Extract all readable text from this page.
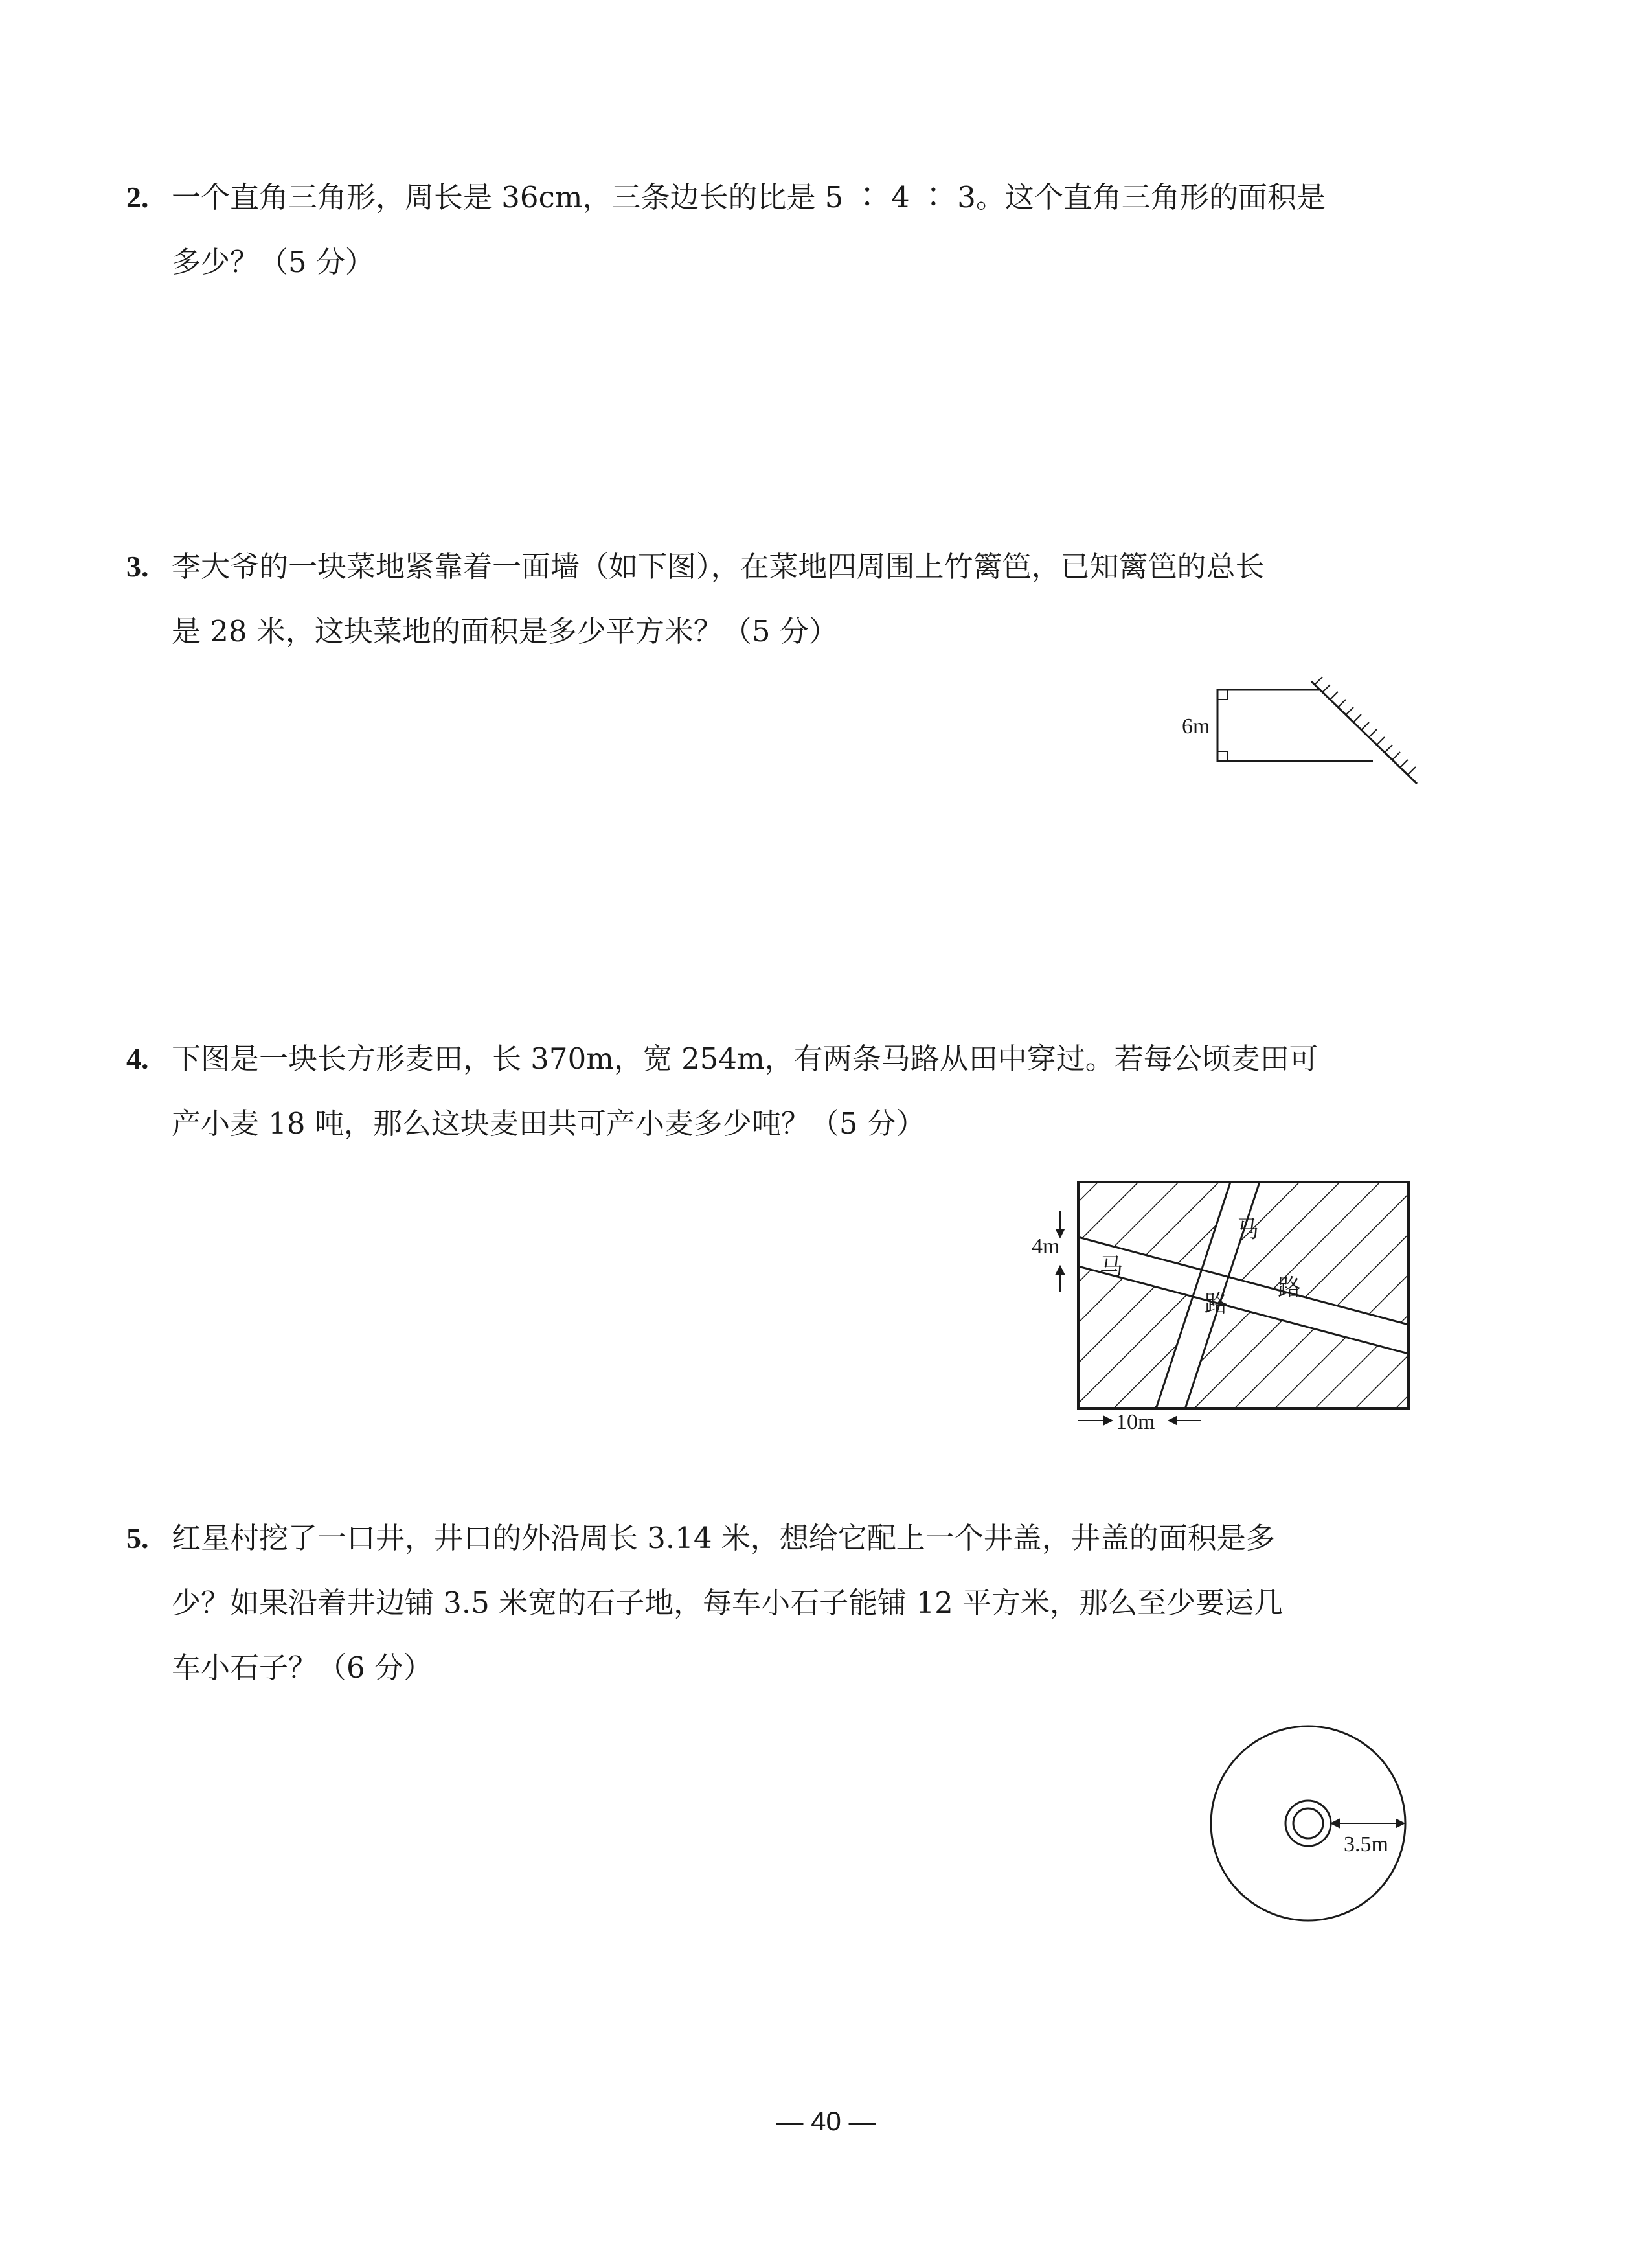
2. 一个直角三角形，周长是 36cm，三条边长的比是 5 ∶ 4 ∶ 3。这个直角三角形的面积是
多少？（5 分）
3. 李大爷的一块菜地紧靠着一面墙（如下图），在菜地四周围上竹篱笆，已知篱笆的总长
是 28 米，这块菜地的面积是多少平方米？（5 分）
6m
4. 下图是一块长方形麦田，长 370m，宽 254m，有两条马路从田中穿过。若每公顷麦田可
产小麦 18 吨，那么这块麦田共可产小麦多少吨？（5 分）
马
路
马
路
4m
10m
5. 红星村挖了一口井，井口的外沿周长 3.14 米，想给它配上一个井盖，井盖的面积是多
少？如果沿着井边铺 3.5 米宽的石子地，每车小石子能铺 12 平方米，那么至少要运几
车小石子？（6 分）
3.5m
— 40 —
